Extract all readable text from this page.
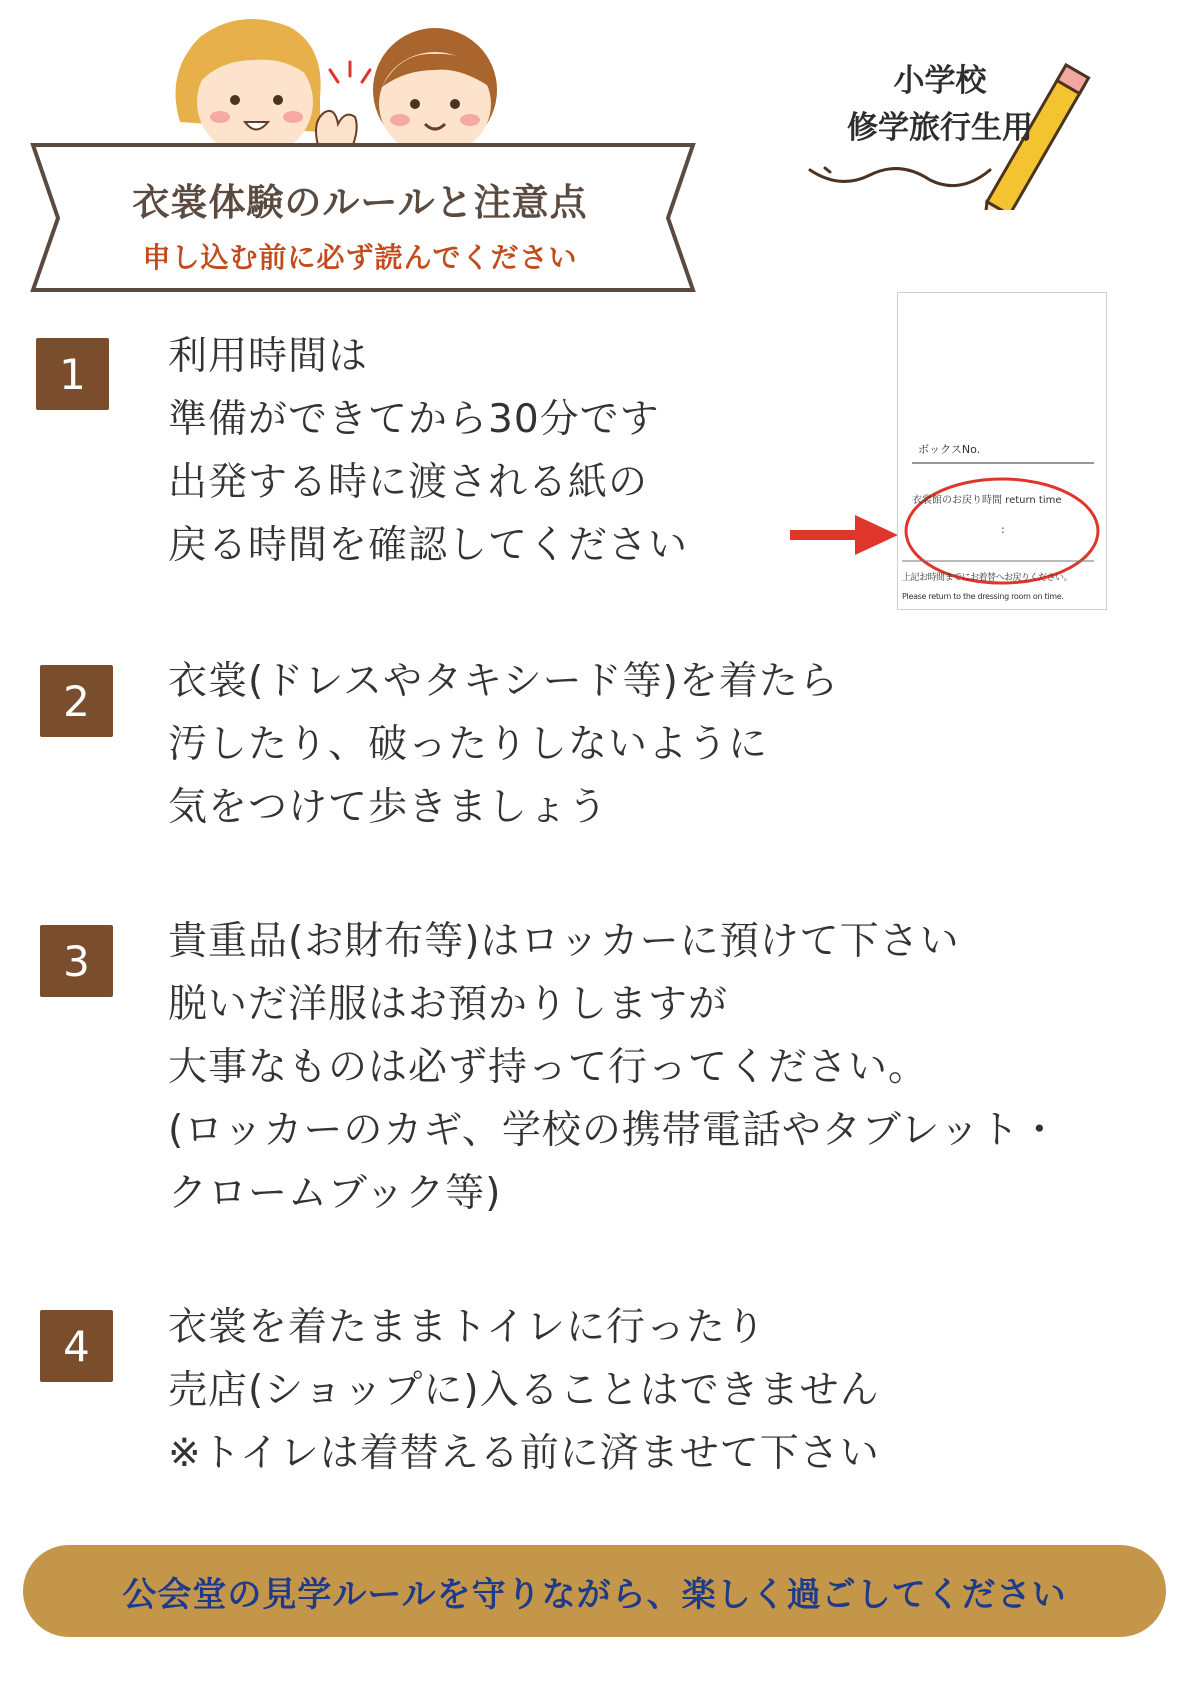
衣裳体験のルールと注意点
申し込む前に必ず読んでください
小学校
修学旅行生用
1	利用時間は
準備ができてから30分です
出発する時に渡される紙の
戻る時間を確認してください
ボックスNo.
衣裳館のお戻り時間 return time
:
上記お時間までにお着替へお戻りください。
Please return to the dressing room on time.
2	衣裳(ドレスやタキシード等)を着たら
汚したり、破ったりしないように
気をつけて歩きましょう
3	貴重品(お財布等)はロッカーに預けて下さい
脱いだ洋服はお預かりしますが
大事なものは必ず持って行ってください。
(ロッカーのカギ、学校の携帯電話やタブレット・
クロームブック等)
4	衣裳を着たままトイレに行ったり
売店(ショップに)入ることはできません
※トイレは着替える前に済ませて下さい
公会堂の見学ルールを守りながら、楽しく過ごしてください
